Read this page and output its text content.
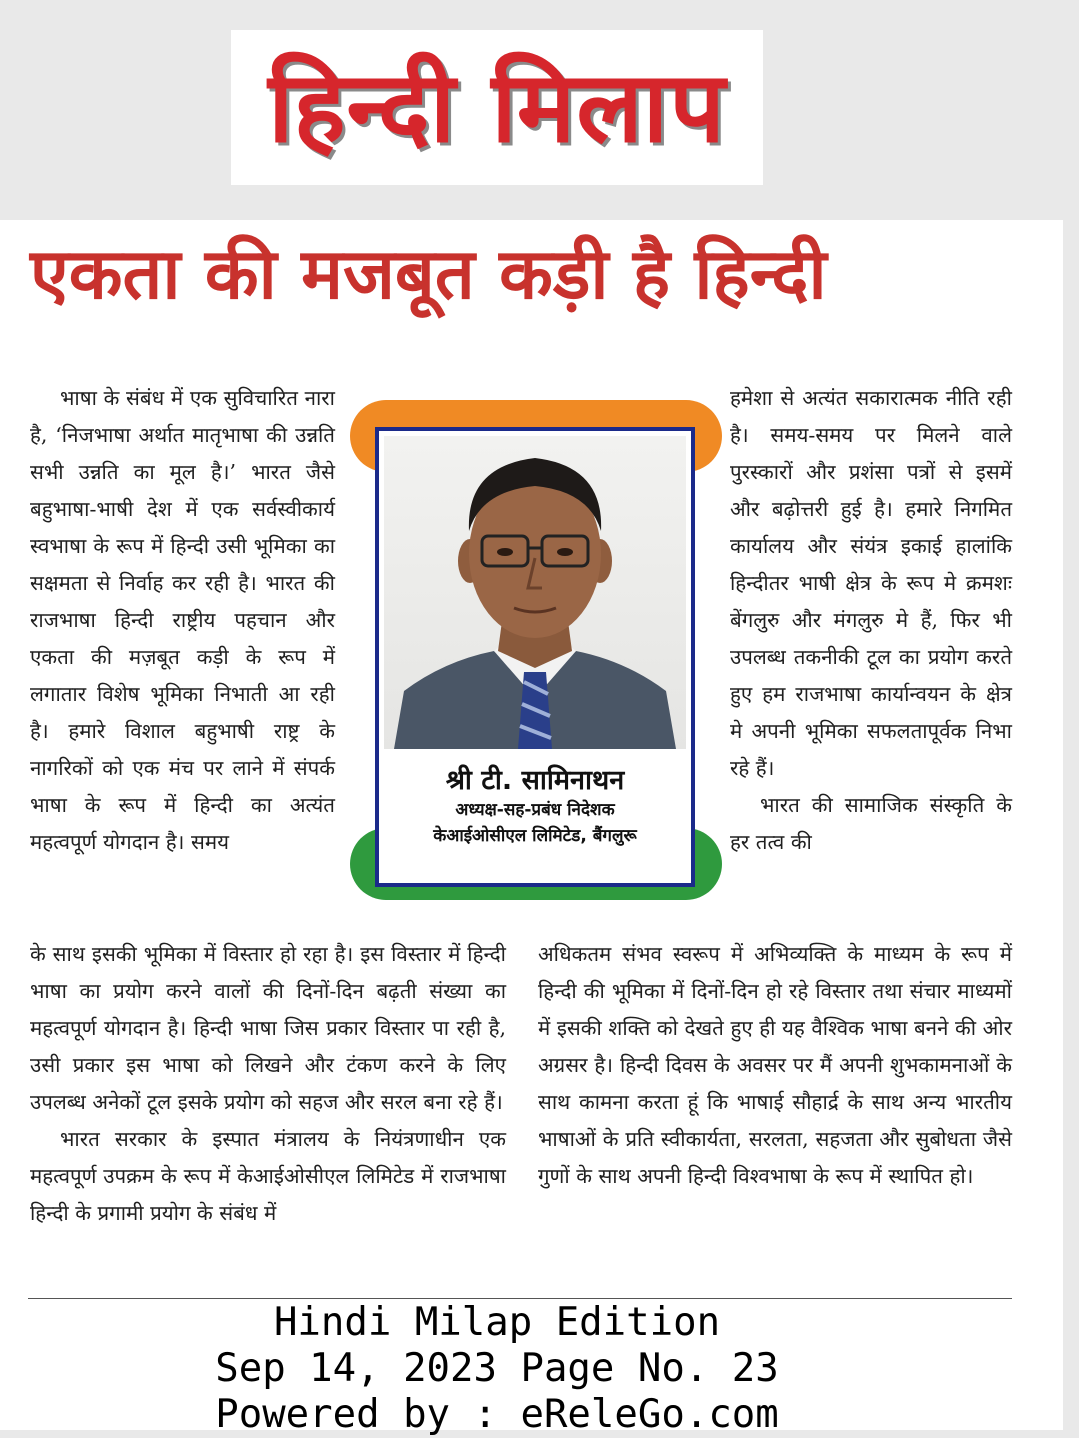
हिन्दी मिलाप
एकता की मजबूत कड़ी है हिन्दी

भाषा के संबंध में एक सुविचारित नारा है, ‘निजभाषा अर्थात मातृभाषा की उन्नति सभी उन्नति का मूल है।’ भारत जैसे बहुभाषा-भाषी देश में एक सर्वस्वीकार्य स्वभाषा के रूप में हिन्दी उसी भूमिका का सक्षमता से निर्वाह कर रही है। भारत की राजभाषा हिन्दी राष्ट्रीय पहचान और एकता की मज़बूत कड़ी के रूप में लगातार विशेष भूमिका निभाती आ रही है। हमारे विशाल बहुभाषी राष्ट्र के नागरिकों को एक मंच पर लाने में संपर्क भाषा के रूप में हिन्दी का अत्यंत महत्वपूर्ण योगदान है। समय

श्री टी. सामिनाथन
अध्यक्ष-सह-प्रबंध निदेशक
केआईओसीएल लिमिटेड, बैंगलुरू

हमेशा से अत्यंत सकारात्मक नीति रही है। समय-समय पर मिलने वाले पुरस्कारों और प्रशंसा पत्रों से इसमें और बढ़ोत्तरी हुई है। हमारे निगमित कार्यालय और संयंत्र इकाई हालांकि हिन्दीतर भाषी क्षेत्र के रूप मे क्रमशः बेंगलुरु और मंगलुरु मे हैं, फिर भी उपलब्ध तकनीकी टूल का प्रयोग करते हुए हम राजभाषा कार्यान्वयन के क्षेत्र मे अपनी भूमिका सफलतापूर्वक निभा रहे हैं।

भारत की सामाजिक संस्कृति के हर तत्व की

के साथ इसकी भूमिका में विस्तार हो रहा है। इस विस्तार में हिन्दी भाषा का प्रयोग करने वालों की दिनों-दिन बढ़ती संख्या का महत्वपूर्ण योगदान है। हिन्दी भाषा जिस प्रकार विस्तार पा रही है, उसी प्रकार इस भाषा को लिखने और टंकण करने के लिए उपलब्ध अनेकों टूल इसके प्रयोग को सहज और सरल बना रहे हैं।

भारत सरकार के इस्पात मंत्रालय के नियंत्रणाधीन एक महत्वपूर्ण उपक्रम के रूप में केआईओसीएल लिमिटेड में राजभाषा हिन्दी के प्रगामी प्रयोग के संबंध में

अधिकतम संभव स्वरूप में अभिव्यक्ति के माध्यम के रूप में हिन्दी की भूमिका में दिनों-दिन हो रहे विस्तार तथा संचार माध्यमों में इसकी शक्ति को देखते हुए ही यह वैश्विक भाषा बनने की ओर अग्रसर है। हिन्दी दिवस के अवसर पर मैं अपनी शुभकामनाओं के साथ कामना करता हूं कि भाषाई सौहार्द्र के साथ अन्य भारतीय भाषाओं के प्रति स्वीकार्यता, सरलता, सहजता और सुबोधता जैसे गुणों के साथ अपनी हिन्दी विश्वभाषा के रूप में स्थापित हो।

Hindi Milap Edition
Sep 14, 2023 Page No. 23
Powered by : eReleGo.com
